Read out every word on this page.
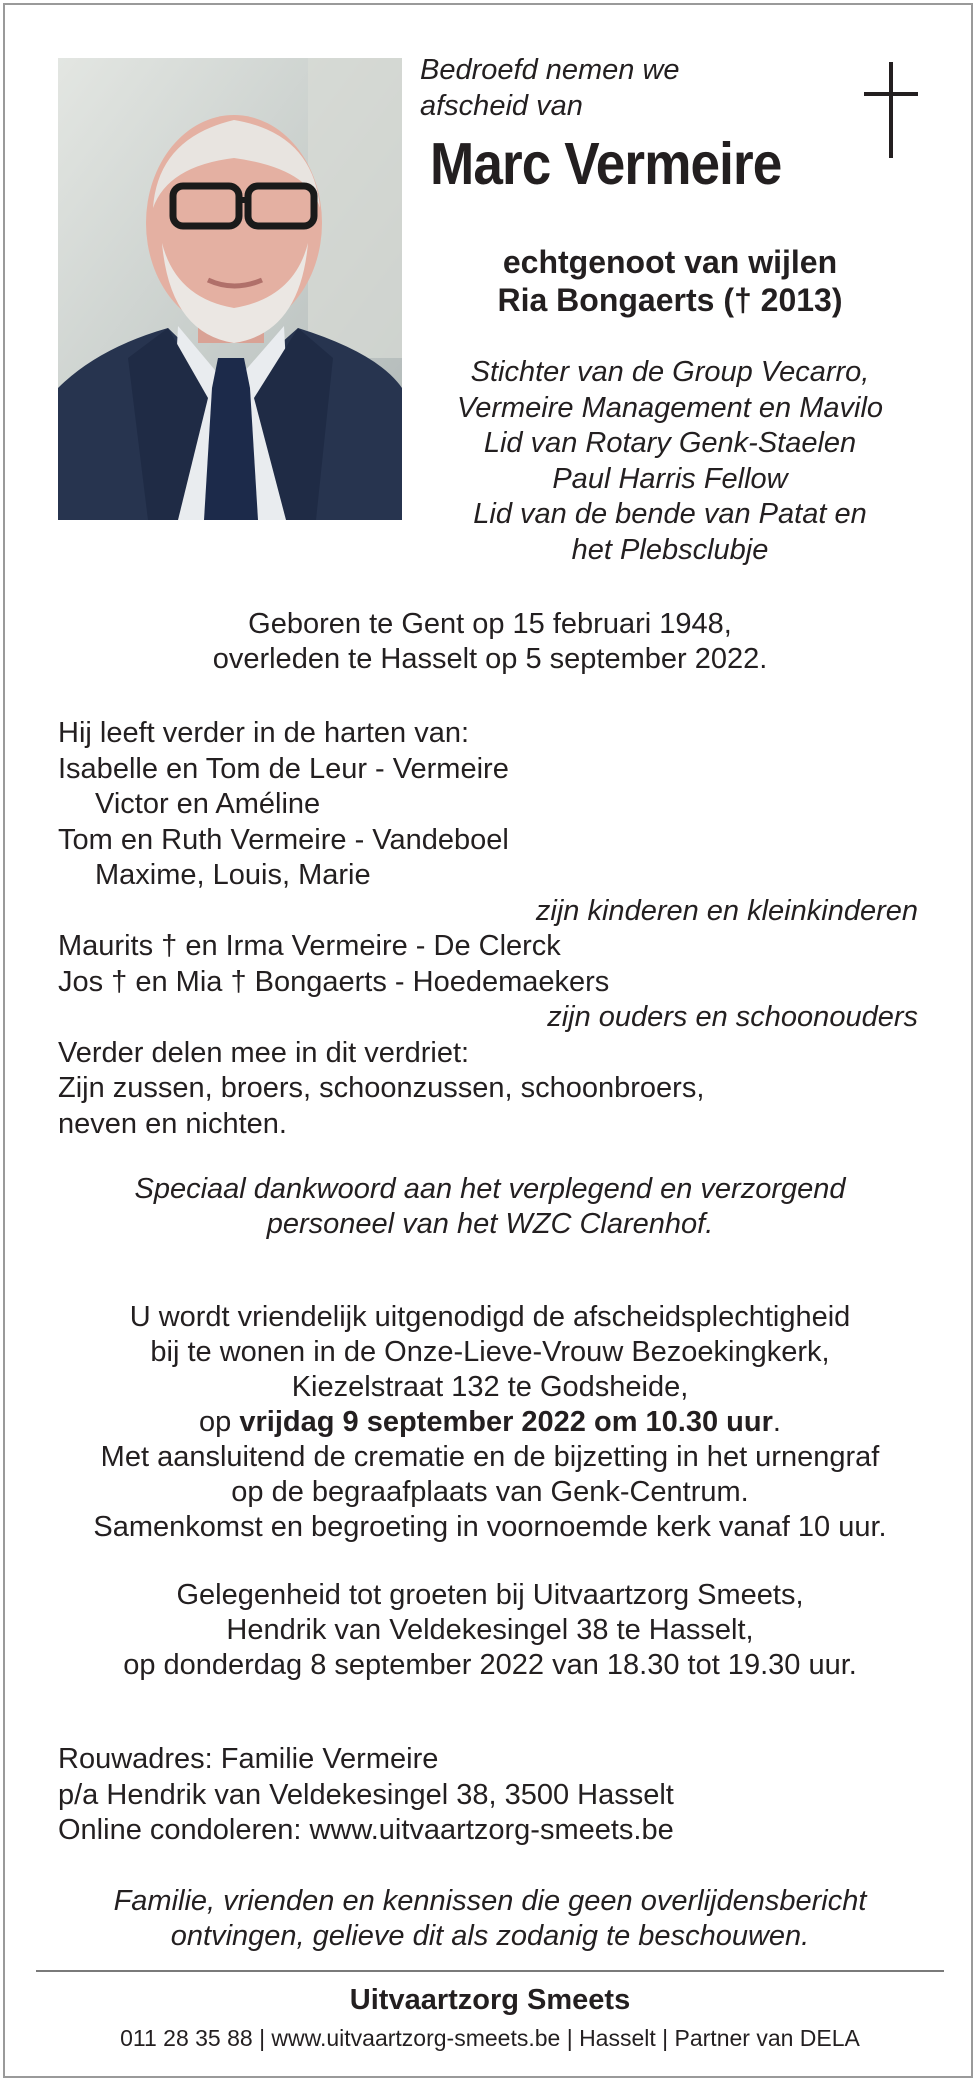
Bedroefd nemen we
afscheid van
Marc Vermeire
echtgenoot van wijlen
Ria Bongaerts († 2013)
Stichter van de Group Vecarro,
Vermeire Management en Mavilo
Lid van Rotary Genk-Staelen
Paul Harris Fellow
Lid van de bende van Patat en
het Plebsclubje
Geboren te Gent op 15 februari 1948,
overleden te Hasselt op 5 september 2022.
Hij leeft verder in de harten van:
Isabelle en Tom de Leur - Vermeire
Victor en Améline
Tom en Ruth Vermeire - Vandeboel
Maxime, Louis, Marie
zijn kinderen en kleinkinderen
Maurits † en Irma Vermeire - De Clerck
Jos † en Mia † Bongaerts - Hoedemaekers
zijn ouders en schoonouders
Verder delen mee in dit verdriet:
Zijn zussen, broers, schoonzussen, schoonbroers,
neven en nichten.
Speciaal dankwoord aan het verplegend en verzorgend
personeel van het WZC Clarenhof.
U wordt vriendelijk uitgenodigd de afscheidsplechtigheid
bij te wonen in de Onze-Lieve-Vrouw Bezoekingkerk,
Kiezelstraat 132 te Godsheide,
op vrijdag 9 september 2022 om 10.30 uur.
Met aansluitend de crematie en de bijzetting in het urnengraf
op de begraafplaats van Genk-Centrum.
Samenkomst en begroeting in voornoemde kerk vanaf 10 uur.
Gelegenheid tot groeten bij Uitvaartzorg Smeets,
Hendrik van Veldekesingel 38 te Hasselt,
op donderdag 8 september 2022 van 18.30 tot 19.30 uur.
Rouwadres: Familie Vermeire
p/a Hendrik van Veldekesingel 38, 3500 Hasselt
Online condoleren: www.uitvaartzorg-smeets.be
Familie, vrienden en kennissen die geen overlijdensbericht
ontvingen, gelieve dit als zodanig te beschouwen.
Uitvaartzorg Smeets
011 28 35 88 | www.uitvaartzorg-smeets.be | Hasselt | Partner van DELA
